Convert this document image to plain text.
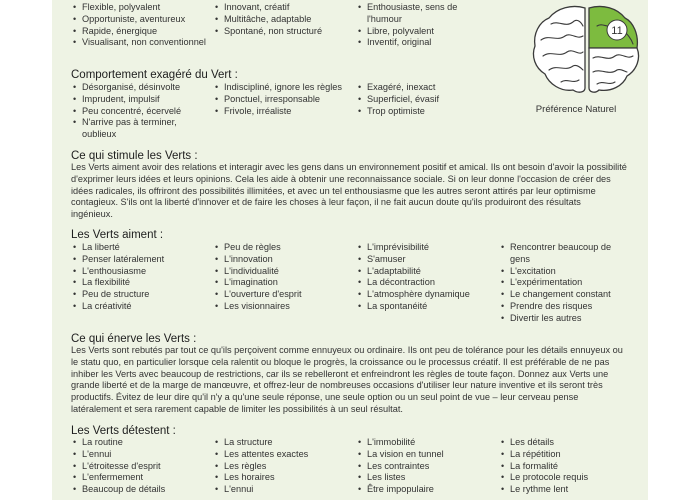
• Flexible, polyvalent
• Opportuniste, aventureux
• Rapide, énergique
• Visualisant, non conventionnel
• Innovant, créatif
• Multitâche, adaptable
• Spontané, non structuré
• Enthousiaste, sens de l'humour
• Libre, polyvalent
• Inventif, original
Comportement exagéré du Vert :
• Désorganisé, désinvolte
• Imprudent, impulsif
• Peu concentré, écervelé
• N'arrive pas à terminer, oublieux
• Indiscipliné, ignore les règles
• Ponctuel, irresponsable
• Frivole, irréaliste
• Exagéré, inexact
• Superficiel, évasif
• Trop optimiste
11
Préférence Naturel
Ce qui stimule les Verts :
Les Verts aiment avoir des relations et interagir avec les gens dans un environnement positif et amical. Ils ont besoin d'avoir la possibilité
d'exprimer leurs idées et leurs opinions. Cela les aide à obtenir une reconnaissance sociale. Si on leur donne l'occasion de créer des
idées radicales, ils offriront des possibilités illimitées, et avec un tel enthousiasme que les autres seront attirés par leur optimisme
contagieux. S'ils ont la liberté d'innover et de faire les choses à leur façon, il ne fait aucun doute qu'ils produiront des résultats
ingénieux.
Les Verts aiment :
• La liberté
• Penser latéralement
• L'enthousiasme
• La flexibilité
• Peu de structure
• La créativité
• Peu de règles
• L'innovation
• L'individualité
• L'imagination
• L'ouverture d'esprit
• Les visionnaires
• L'imprévisibilité
• S'amuser
• L'adaptabilité
• La décontraction
• L'atmosphère dynamique
• La spontanéité
• Rencontrer beaucoup de gens
• L'excitation
• L'expérimentation
• Le changement constant
• Prendre des risques
• Divertir les autres
Ce qui énerve les Verts :
Les Verts sont rebutés par tout ce qu'ils perçoivent comme ennuyeux ou ordinaire. Ils ont peu de tolérance pour les détails ennuyeux ou
le statu quo, en particulier lorsque cela ralentit ou bloque le progrès, la croissance ou le processus créatif. Il est préférable de ne pas
inhiber les Verts avec beaucoup de restrictions, car ils se rebelleront et enfreindront les règles de toute façon. Donnez aux Verts une
grande liberté et de la marge de manœuvre, et offrez-leur de nombreuses occasions d'utiliser leur nature inventive et ils seront très
productifs. Évitez de leur dire qu'il n'y a qu'une seule réponse, une seule option ou un seul point de vue – leur cerveau pense
latéralement et sera rarement capable de limiter les possibilités à un seul résultat.
Les Verts détestent :
• La routine
• L'ennui
• L'étroitesse d'esprit
• L'enfermement
• Beaucoup de détails
• La structure
• Les attentes exactes
• Les règles
• Les horaires
• L'ennui
• L'immobilité
• La vision en tunnel
• Les contraintes
• Les listes
• Être impopulaire
• Les détails
• La répétition
• La formalité
• Le protocole requis
• Le rythme lent
